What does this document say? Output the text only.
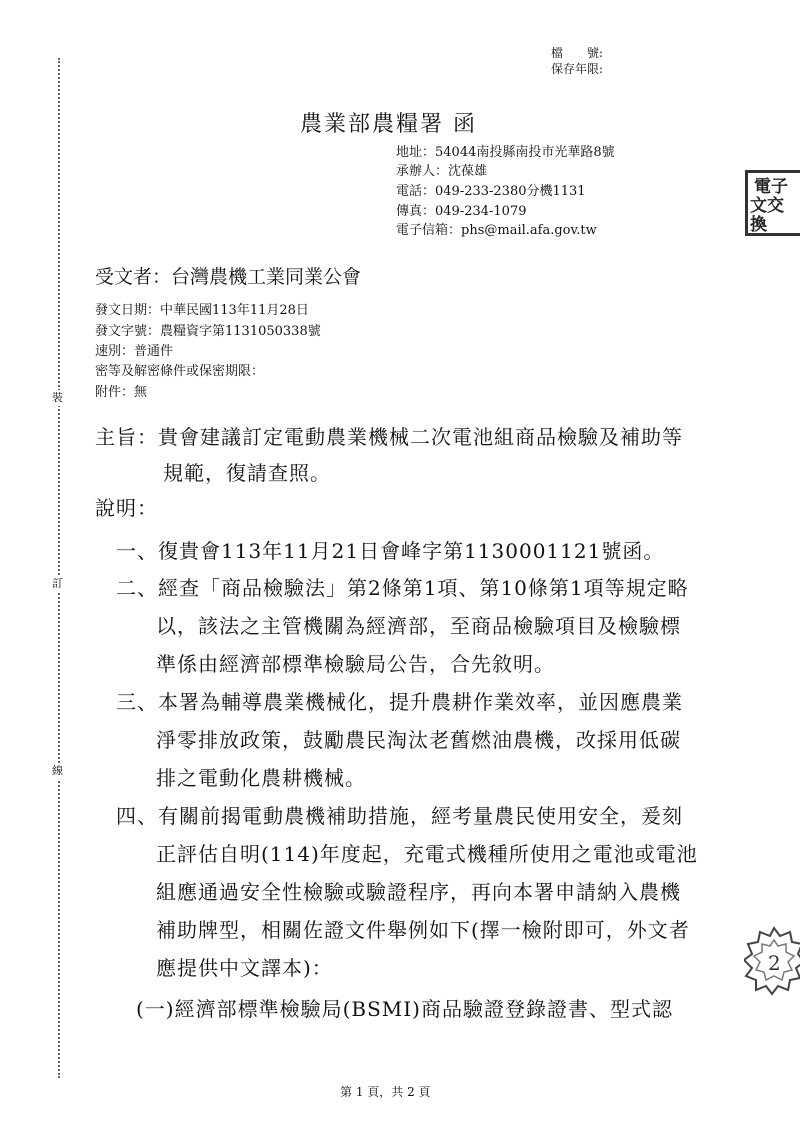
裝
訂
線
檔　　號:
保存年限:
農業部農糧署 函
地址：54044南投縣南投市光華路8號
承辦人：沈葆雄
電話：049-233-2380分機1131
傳真：049-234-1079
電子信箱：phs@mail.afa.gov.tw
電子
文交
換
受文者：台灣農機工業同業公會
發文日期：中華民國113年11月28日
發文字號：農糧資字第1131050338號
速別：普通件
密等及解密條件或保密期限：
附件：無
主旨：貴會建議訂定電動農業機械二次電池組商品檢驗及補助等
規範，復請查照。
說明：
一、復貴會113年11月21日會峰字第1130001121號函。
二、經查「商品檢驗法」第2條第1項、第10條第1項等規定略
以，該法之主管機關為經濟部，至商品檢驗項目及檢驗標
準係由經濟部標準檢驗局公告，合先敘明。
三、本署為輔導農業機械化，提升農耕作業效率，並因應農業
淨零排放政策，鼓勵農民淘汰老舊燃油農機，改採用低碳
排之電動化農耕機械。
四、有關前揭電動農機補助措施，經考量農民使用安全，爰刻
正評估自明(114)年度起，充電式機種所使用之電池或電池
組應通過安全性檢驗或驗證程序，再向本署申請納入農機
補助牌型，相關佐證文件舉例如下(擇一檢附即可，外文者
應提供中文譯本)：
(一)經濟部標準檢驗局(BSMI)商品驗證登錄證書、型式認
2
第 1 頁，共 2 頁
